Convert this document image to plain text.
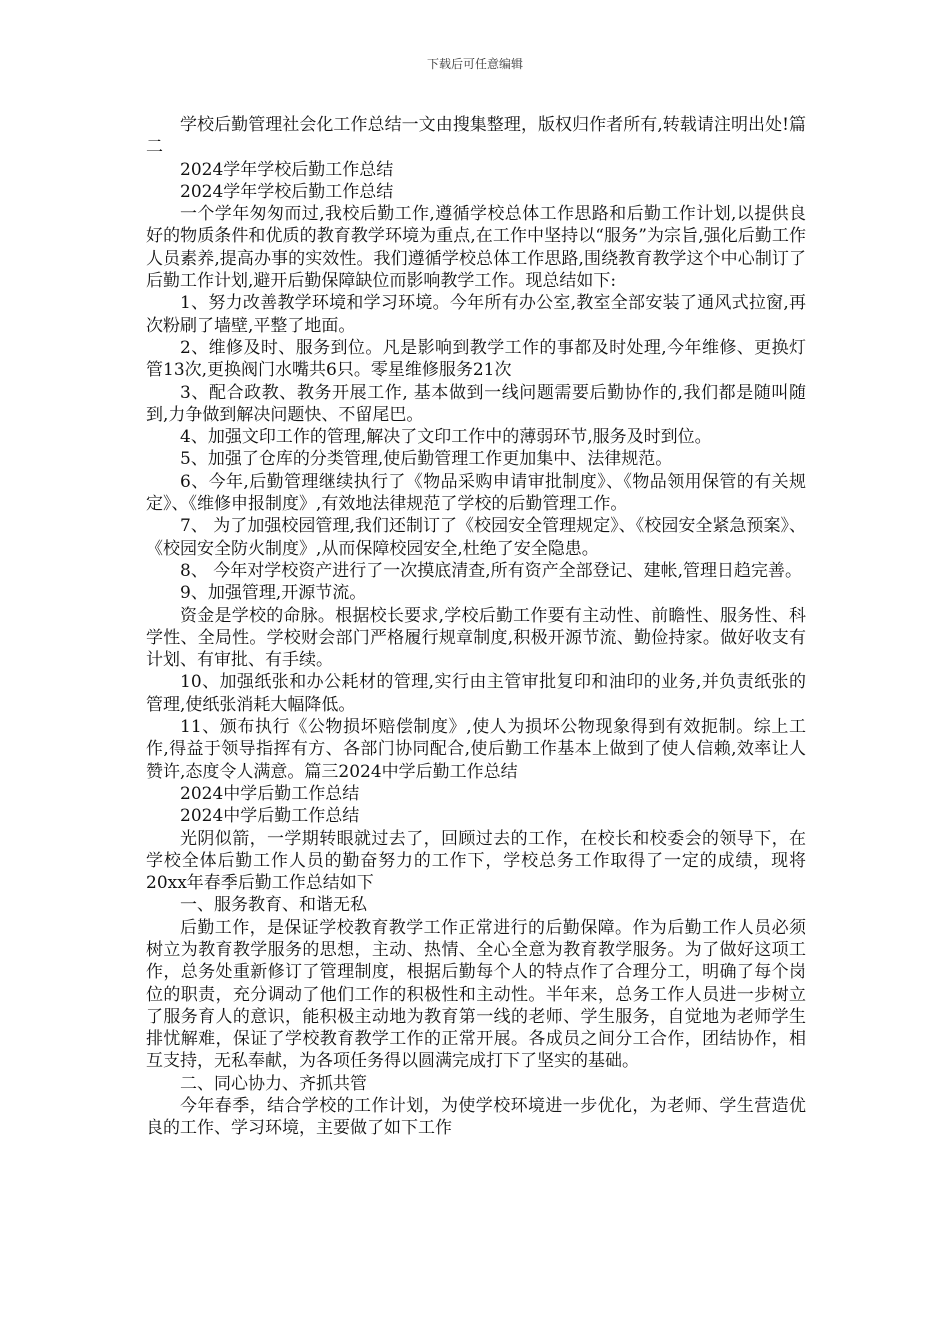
下载后可任意编辑

学校后勤管理社会化工作总结一文由搜集整理，版权归作者所有,转载请注明出处!篇二

2024学年学校后勤工作总结

2024学年学校后勤工作总结

一个学年匆匆而过,我校后勤工作,遵循学校总体工作思路和后勤工作计划,以提供良好的物质条件和优质的教育教学环境为重点,在工作中坚持以“服务”为宗旨,强化后勤工作人员素养,提高办事的实效性。我们遵循学校总体工作思路,围绕教育教学这个中心制订了后勤工作计划,避开后勤保障缺位而影响教学工作。现总结如下:

1、努力改善教学环境和学习环境。今年所有办公室,教室全部安装了通风式拉窗,再次粉刷了墙壁,平整了地面。

2、维修及时、服务到位。凡是影响到教学工作的事都及时处理,今年维修、更换灯管13次,更换阀门水嘴共6只。零星维修服务21次

3、配合政教、教务开展工作, 基本做到一线问题需要后勤协作的,我们都是随叫随到,力争做到解决问题快、不留尾巴。

4、加强文印工作的管理,解决了文印工作中的薄弱环节,服务及时到位。

5、加强了仓库的分类管理,使后勤管理工作更加集中、法律规范。

6、今年,后勤管理继续执行了《物品采购申请审批制度》、《物品领用保管的有关规定》、《维修申报制度》,有效地法律规范了学校的后勤管理工作。

7、 为了加强校园管理,我们还制订了《校园安全管理规定》、《校园安全紧急预案》、《校园安全防火制度》,从而保障校园安全,杜绝了安全隐患。

8、 今年对学校资产进行了一次摸底清查,所有资产全部登记、建帐,管理日趋完善。

9、加强管理,开源节流。

资金是学校的命脉。根据校长要求,学校后勤工作要有主动性、前瞻性、服务性、科学性、全局性。学校财会部门严格履行规章制度,积极开源节流、勤俭持家。做好收支有计划、有审批、有手续。

10、加强纸张和办公耗材的管理,实行由主管审批复印和油印的业务,并负责纸张的管理,使纸张消耗大幅降低。

11、颁布执行《公物损坏赔偿制度》,使人为损坏公物现象得到有效扼制。综上工作,得益于领导指挥有方、各部门协同配合,使后勤工作基本上做到了使人信赖,效率让人赞许,态度令人满意。篇三2024中学后勤工作总结

2024中学后勤工作总结

2024中学后勤工作总结

光阴似箭，一学期转眼就过去了，回顾过去的工作，在校长和校委会的领导下，在学校全体后勤工作人员的勤奋努力的工作下，学校总务工作取得了一定的成绩，现将20xx年春季后勤工作总结如下

一、服务教育、和谐无私

后勤工作，是保证学校教育教学工作正常进行的后勤保障。作为后勤工作人员必须树立为教育教学服务的思想，主动、热情、全心全意为教育教学服务。为了做好这项工作，总务处重新修订了管理制度，根据后勤每个人的特点作了合理分工，明确了每个岗位的职责，充分调动了他们工作的积极性和主动性。半年来，总务工作人员进一步树立了服务育人的意识，能积极主动地为教育第一线的老师、学生服务，自觉地为老师学生排忧解难，保证了学校教育教学工作的正常开展。各成员之间分工合作，团结协作，相互支持，无私奉献，为各项任务得以圆满完成打下了坚实的基础。

二、同心协力、齐抓共管

今年春季，结合学校的工作计划，为使学校环境进一步优化，为老师、学生营造优良的工作、学习环境，主要做了如下工作
